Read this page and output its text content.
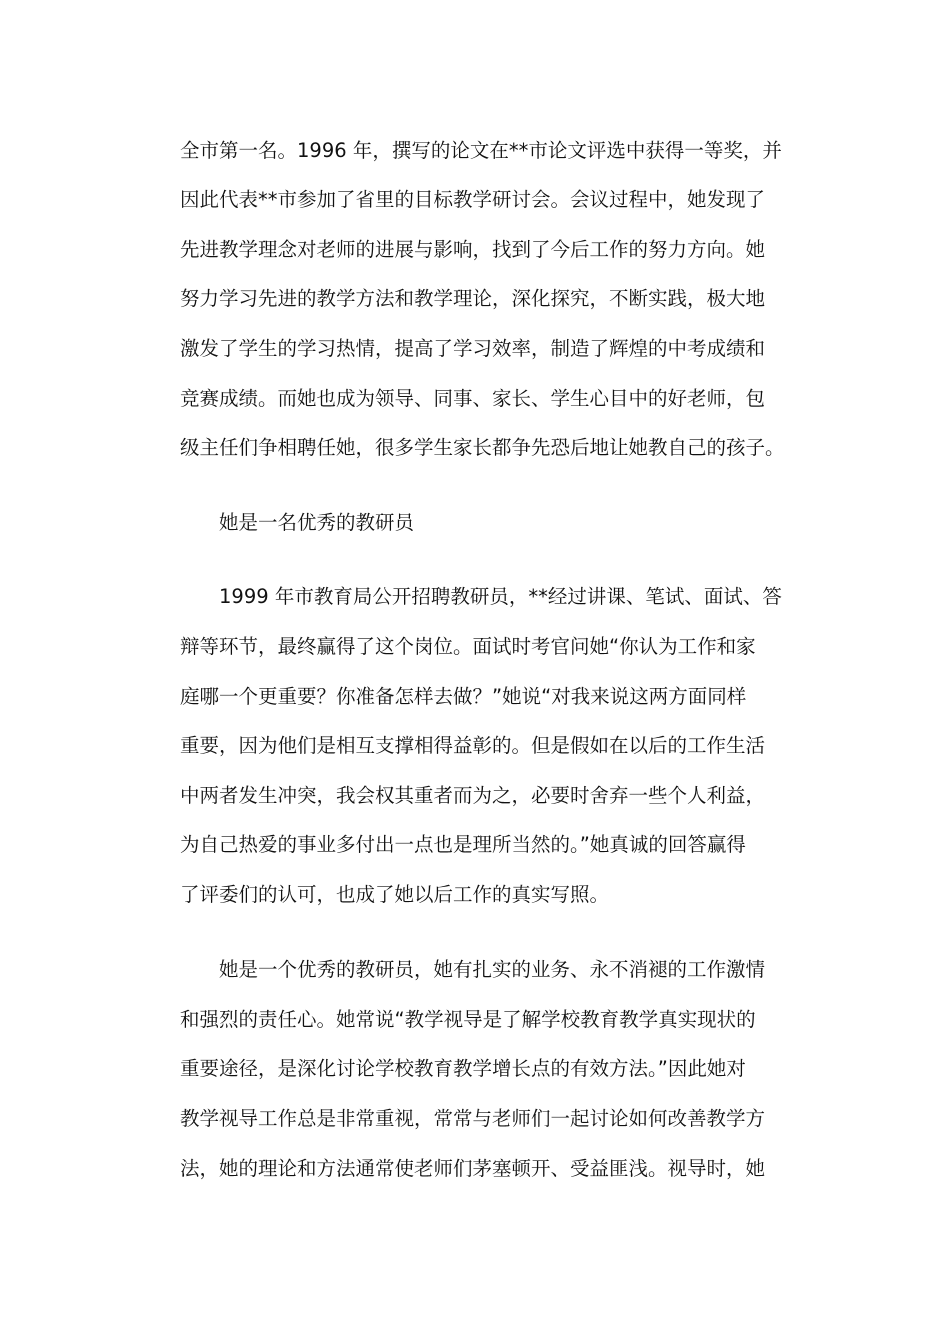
全市第一名。1996 年，撰写的论文在**市论文评选中获得一等奖，并
因此代表**市参加了省里的目标教学研讨会。会议过程中，她发现了
先进教学理念对老师的进展与影响，找到了今后工作的努力方向。她
努力学习先进的教学方法和教学理论，深化探究，不断实践，极大地
激发了学生的学习热情，提高了学习效率，制造了辉煌的中考成绩和
竞赛成绩。而她也成为领导、同事、家长、学生心目中的好老师，包
级主任们争相聘任她，很多学生家长都争先恐后地让她教自己的孩子。
她是一名优秀的教研员
1999 年市教育局公开招聘教研员，**经过讲课、笔试、面试、答
辩等环节，最终赢得了这个岗位。面试时考官问她“你认为工作和家
庭哪一个更重要？你准备怎样去做？”她说“对我来说这两方面同样
重要，因为他们是相互支撑相得益彰的。但是假如在以后的工作生活
中两者发生冲突，我会权其重者而为之，必要时舍弃一些个人利益，
为自己热爱的事业多付出一点也是理所当然的。”她真诚的回答赢得
了评委们的认可，也成了她以后工作的真实写照。
她是一个优秀的教研员，她有扎实的业务、永不消褪的工作激情
和强烈的责任心。她常说“教学视导是了解学校教育教学真实现状的
重要途径，是深化讨论学校教育教学增长点的有效方法。”因此她对
教学视导工作总是非常重视，常常与老师们一起讨论如何改善教学方
法，她的理论和方法通常使老师们茅塞顿开、受益匪浅。视导时，她
